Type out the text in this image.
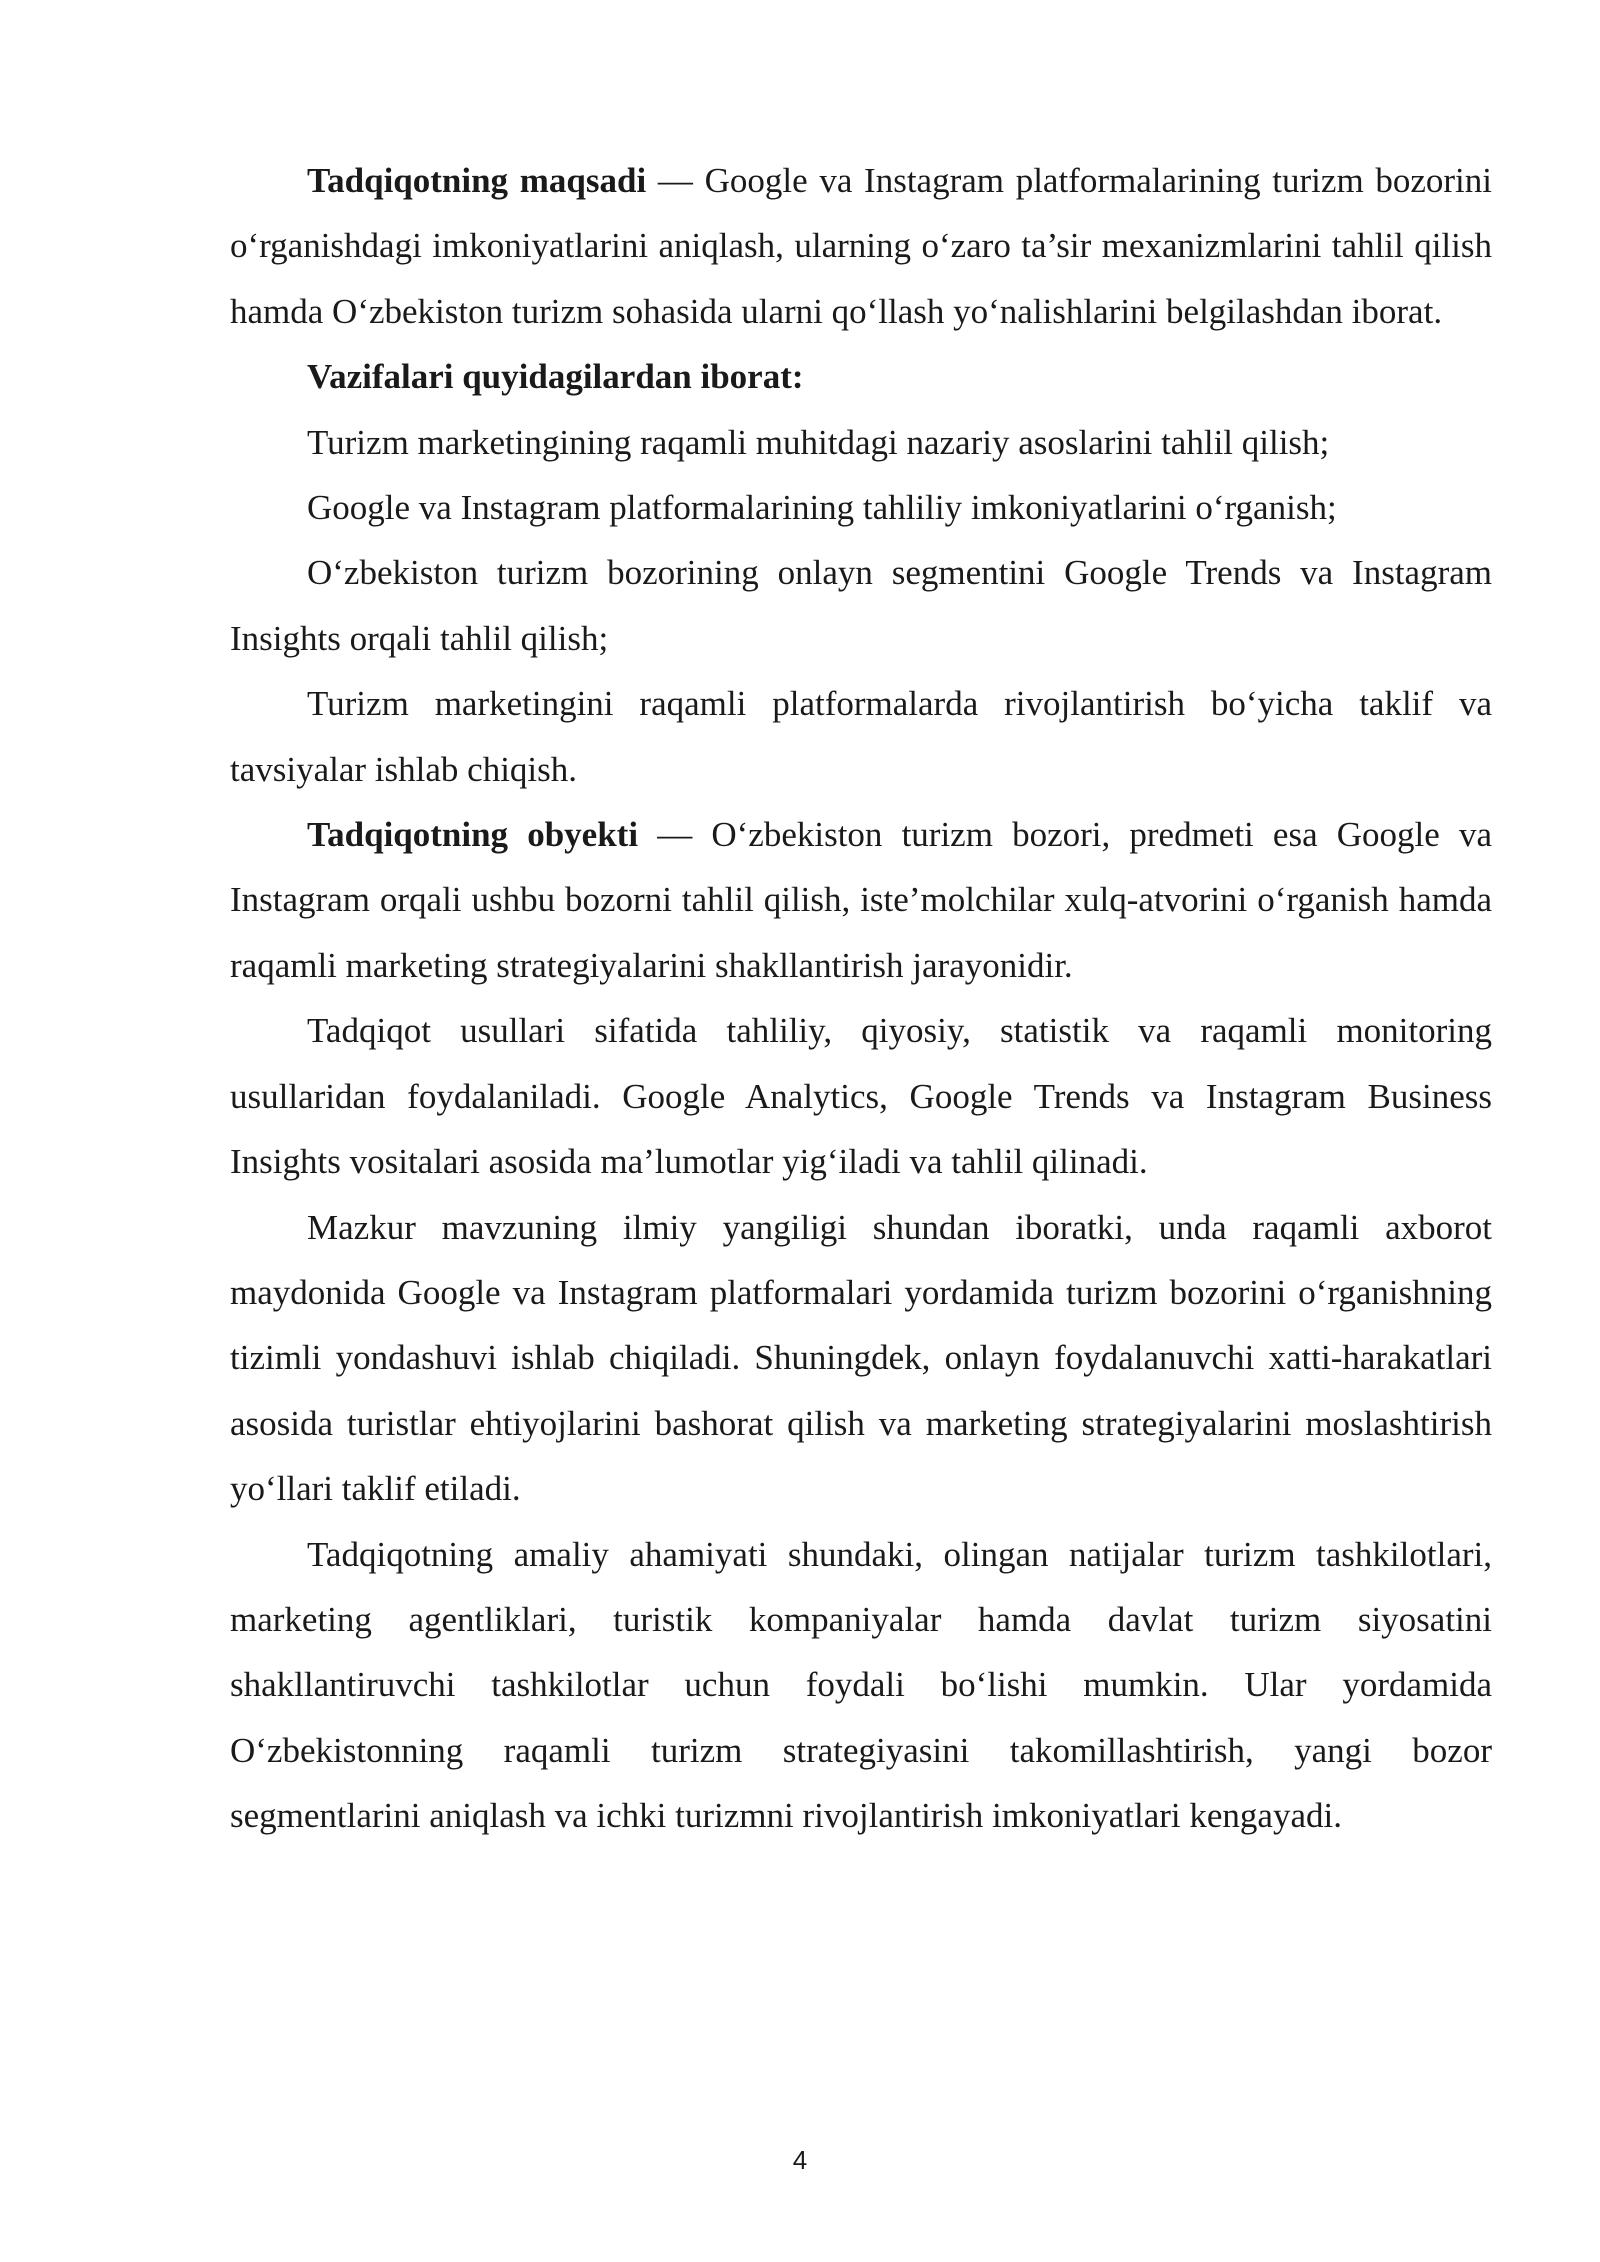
Tadqiqotning maqsadi — Google va Instagram platformalarining turizm bozorini o‘rganishdagi imkoniyatlarini aniqlash, ularning o‘zaro ta’sir mexanizmlarini tahlil qilish hamda O‘zbekiston turizm sohasida ularni qo‘llash yo‘nalishlarini belgilashdan iborat.

Vazifalari quyidagilardan iborat:

Turizm marketingining raqamli muhitdagi nazariy asoslarini tahlil qilish;

Google va Instagram platformalarining tahliliy imkoniyatlarini o‘rganish;

O‘zbekiston turizm bozorining onlayn segmentini Google Trends va Instagram Insights orqali tahlil qilish;

Turizm marketingini raqamli platformalarda rivojlantirish bo‘yicha taklif va tavsiyalar ishlab chiqish.

Tadqiqotning obyekti — O‘zbekiston turizm bozori, predmeti esa Google va Instagram orqali ushbu bozorni tahlil qilish, iste’molchilar xulq-atvorini o‘rganish hamda raqamli marketing strategiyalarini shakllantirish jarayonidir.

Tadqiqot usullari sifatida tahliliy, qiyosiy, statistik va raqamli monitoring usullaridan foydalaniladi. Google Analytics, Google Trends va Instagram Business Insights vositalari asosida ma’lumotlar yig‘iladi va tahlil qilinadi.

Mazkur mavzuning ilmiy yangiligi shundan iboratki, unda raqamli axborot maydonida Google va Instagram platformalari yordamida turizm bozorini o‘rganishning tizimli yondashuvi ishlab chiqiladi. Shuningdek, onlayn foydalanuvchi xatti-harakatlari asosida turistlar ehtiyojlarini bashorat qilish va marketing strategiyalarini moslashtirish yo‘llari taklif etiladi.

Tadqiqotning amaliy ahamiyati shundaki, olingan natijalar turizm tashkilotlari, marketing agentliklari, turistik kompaniyalar hamda davlat turizm siyosatini shakllantiruvchi tashkilotlar uchun foydali bo‘lishi mumkin. Ular yordamida O‘zbekistonning raqamli turizm strategiyasini takomillashtirish, yangi bozor segmentlarini aniqlash va ichki turizmni rivojlantirish imkoniyatlari kengayadi.

4
